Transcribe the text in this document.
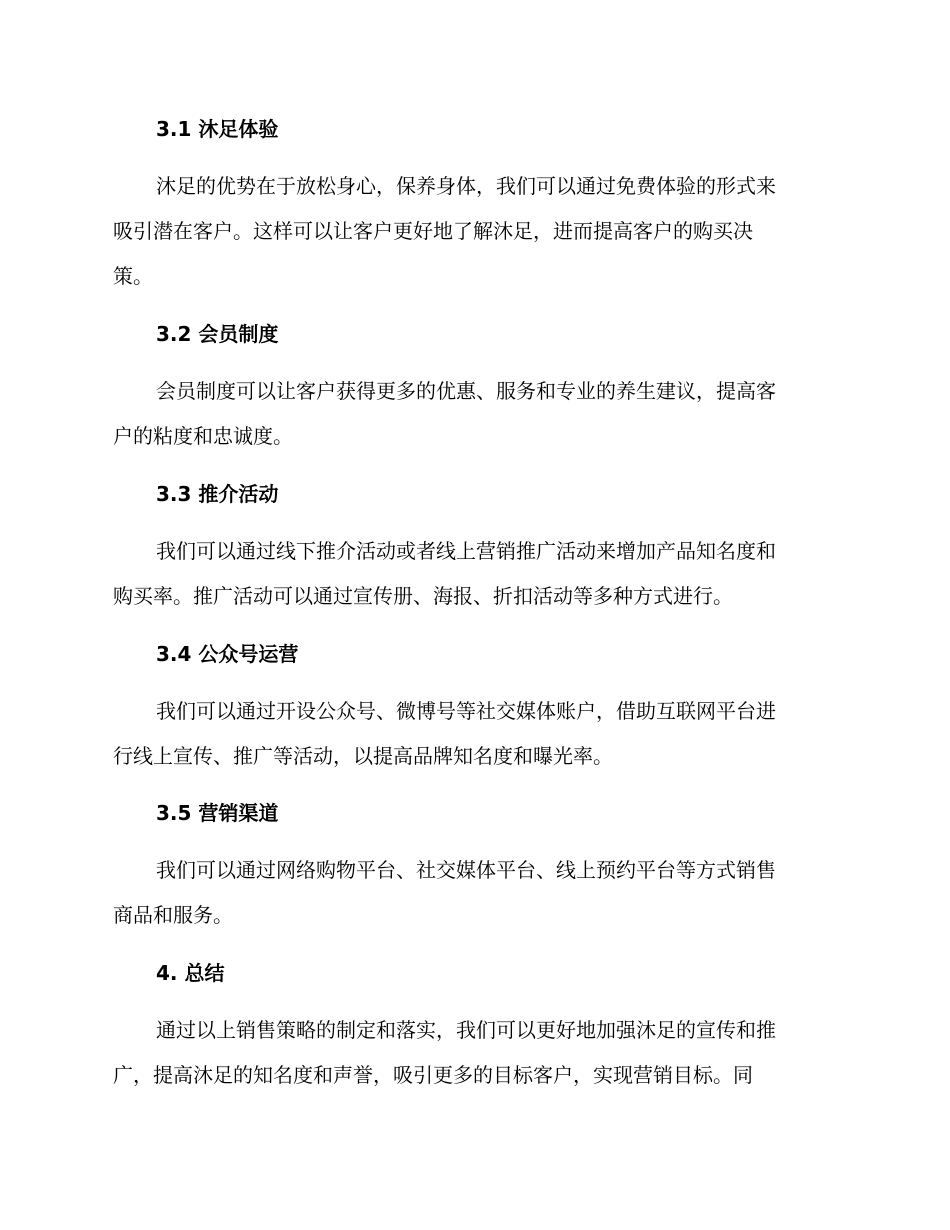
3.1 沐足体验
沐足的优势在于放松身心，保养身体，我们可以通过免费体验的形式来
吸引潜在客户。这样可以让客户更好地了解沐足，进而提高客户的购买决
策。
3.2 会员制度
会员制度可以让客户获得更多的优惠、服务和专业的养生建议，提高客
户的粘度和忠诚度。
3.3 推介活动
我们可以通过线下推介活动或者线上营销推广活动来增加产品知名度和
购买率。推广活动可以通过宣传册、海报、折扣活动等多种方式进行。
3.4 公众号运营
我们可以通过开设公众号、微博号等社交媒体账户，借助互联网平台进
行线上宣传、推广等活动，以提高品牌知名度和曝光率。
3.5 营销渠道
我们可以通过网络购物平台、社交媒体平台、线上预约平台等方式销售
商品和服务。
4. 总结
通过以上销售策略的制定和落实，我们可以更好地加强沐足的宣传和推
广，提高沐足的知名度和声誉，吸引更多的目标客户，实现营销目标。同
